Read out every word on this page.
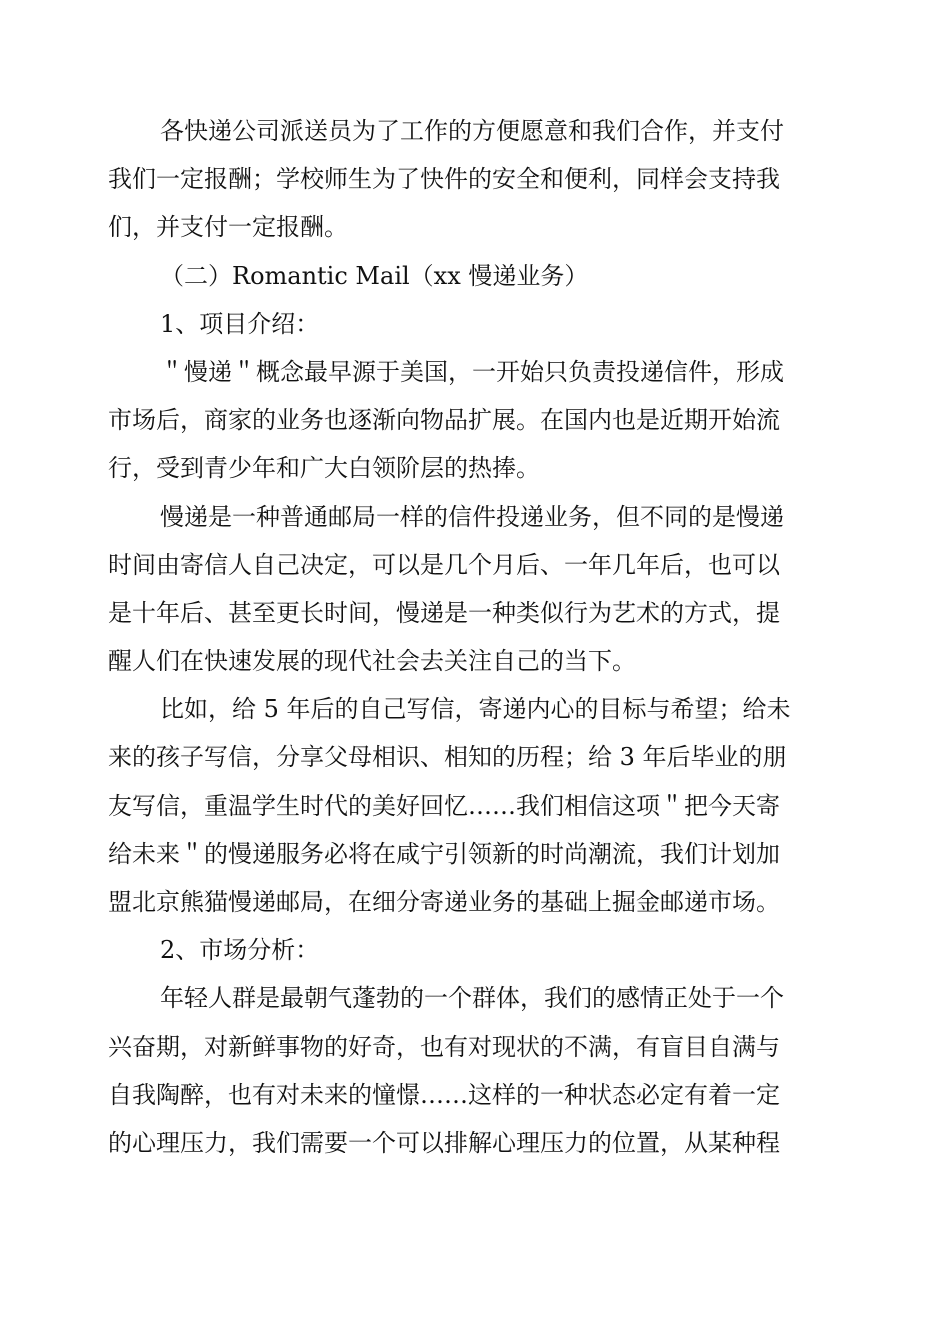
各快递公司派送员为了工作的方便愿意和我们合作，并支付
我们一定报酬；学校师生为了快件的安全和便利，同样会支持我
们，并支付一定报酬。
（二）Romantic Mail（xx 慢递业务）
1、项目介绍：
＂慢递＂概念最早源于美国，一开始只负责投递信件，形成
市场后，商家的业务也逐渐向物品扩展。在国内也是近期开始流
行，受到青少年和广大白领阶层的热捧。
慢递是一种普通邮局一样的信件投递业务，但不同的是慢递
时间由寄信人自己决定，可以是几个月后、一年几年后，也可以
是十年后、甚至更长时间，慢递是一种类似行为艺术的方式，提
醒人们在快速发展的现代社会去关注自己的当下。
比如，给 5 年后的自己写信，寄递内心的目标与希望；给未
来的孩子写信，分享父母相识、相知的历程；给 3 年后毕业的朋
友写信，重温学生时代的美好回忆……我们相信这项＂把今天寄
给未来＂的慢递服务必将在咸宁引领新的时尚潮流，我们计划加
盟北京熊猫慢递邮局，在细分寄递业务的基础上掘金邮递市场。
2、市场分析：
年轻人群是最朝气蓬勃的一个群体，我们的感情正处于一个
兴奋期，对新鲜事物的好奇，也有对现状的不满，有盲目自满与
自我陶醉，也有对未来的憧憬……这样的一种状态必定有着一定
的心理压力，我们需要一个可以排解心理压力的位置，从某种程
